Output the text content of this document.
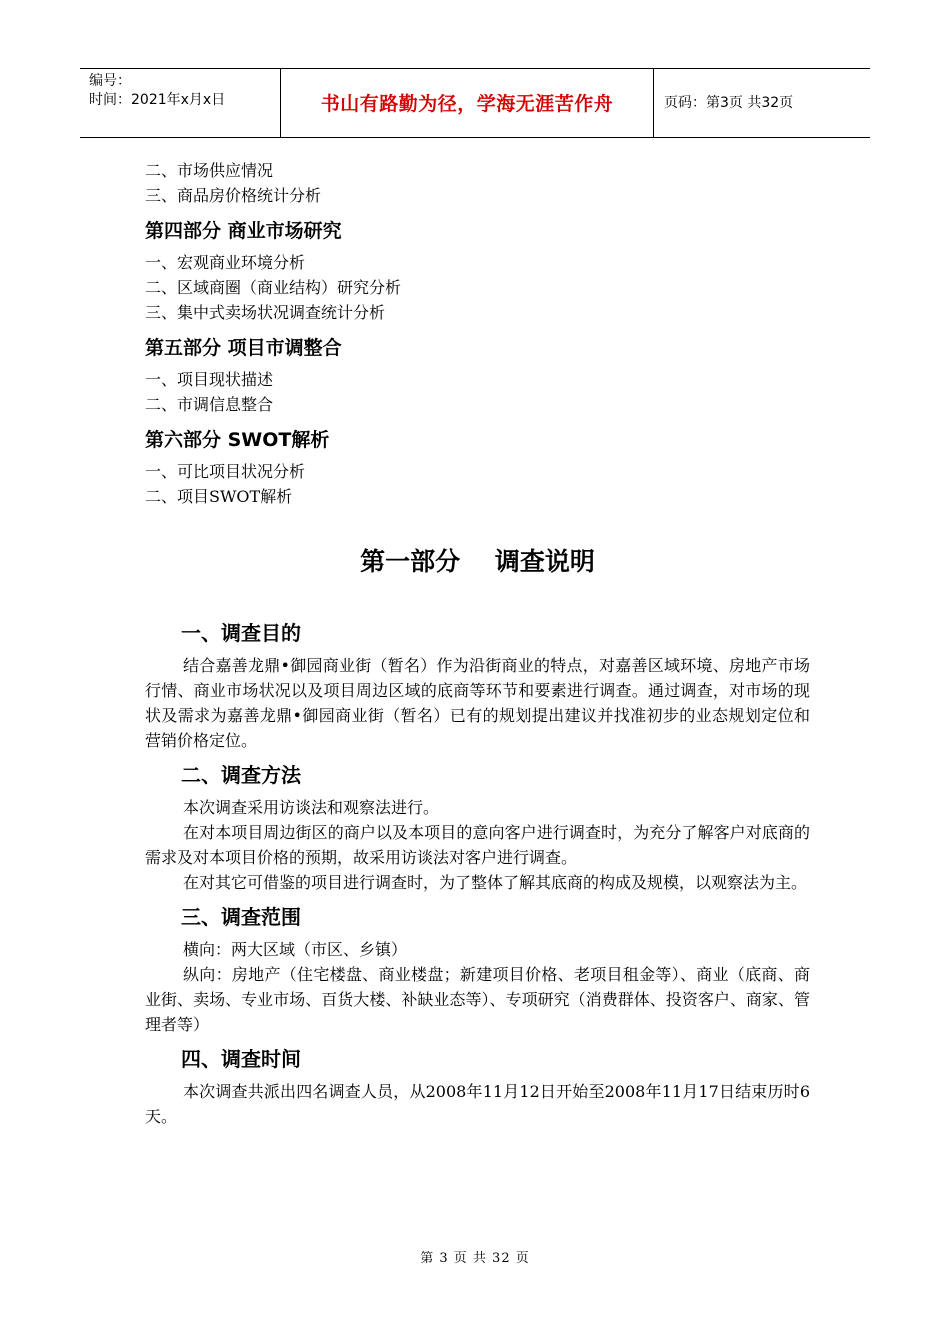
编号：
时间：2021年x月x日	书山有路勤为径，学海无涯苦作舟	页码：第3页 共32页
二、市场供应情况
三、商品房价格统计分析
第四部分 商业市场研究
一、宏观商业环境分析
二、区域商圈（商业结构）研究分析
三、集中式卖场状况调查统计分析
第五部分 项目市调整合
一、项目现状描述
二、市调信息整合
第六部分 SWOT解析
一、可比项目状况分析
二、项目SWOT解析
第一部分    调查说明
一、调查目的
结合嘉善龙鼎•御园商业街（暂名）作为沿街商业的特点，对嘉善区域环境、房地产市场行情、商业市场状况以及项目周边区域的底商等环节和要素进行调查。通过调查，对市场的现状及需求为嘉善龙鼎•御园商业街（暂名）已有的规划提出建议并找准初步的业态规划定位和营销价格定位。
二、调查方法
本次调查采用访谈法和观察法进行。
在对本项目周边街区的商户以及本项目的意向客户进行调查时，为充分了解客户对底商的需求及对本项目价格的预期，故采用访谈法对客户进行调查。
在对其它可借鉴的项目进行调查时，为了整体了解其底商的构成及规模，以观察法为主。
三、调查范围
横向：两大区域（市区、乡镇）
纵向：房地产（住宅楼盘、商业楼盘；新建项目价格、老项目租金等）、商业（底商、商业街、卖场、专业市场、百货大楼、补缺业态等）、专项研究（消费群体、投资客户、商家、管理者等）
四、调查时间
本次调查共派出四名调查人员，从2008年11月12日开始至2008年11月17日结束历时6天。
第 3 页 共 32 页
